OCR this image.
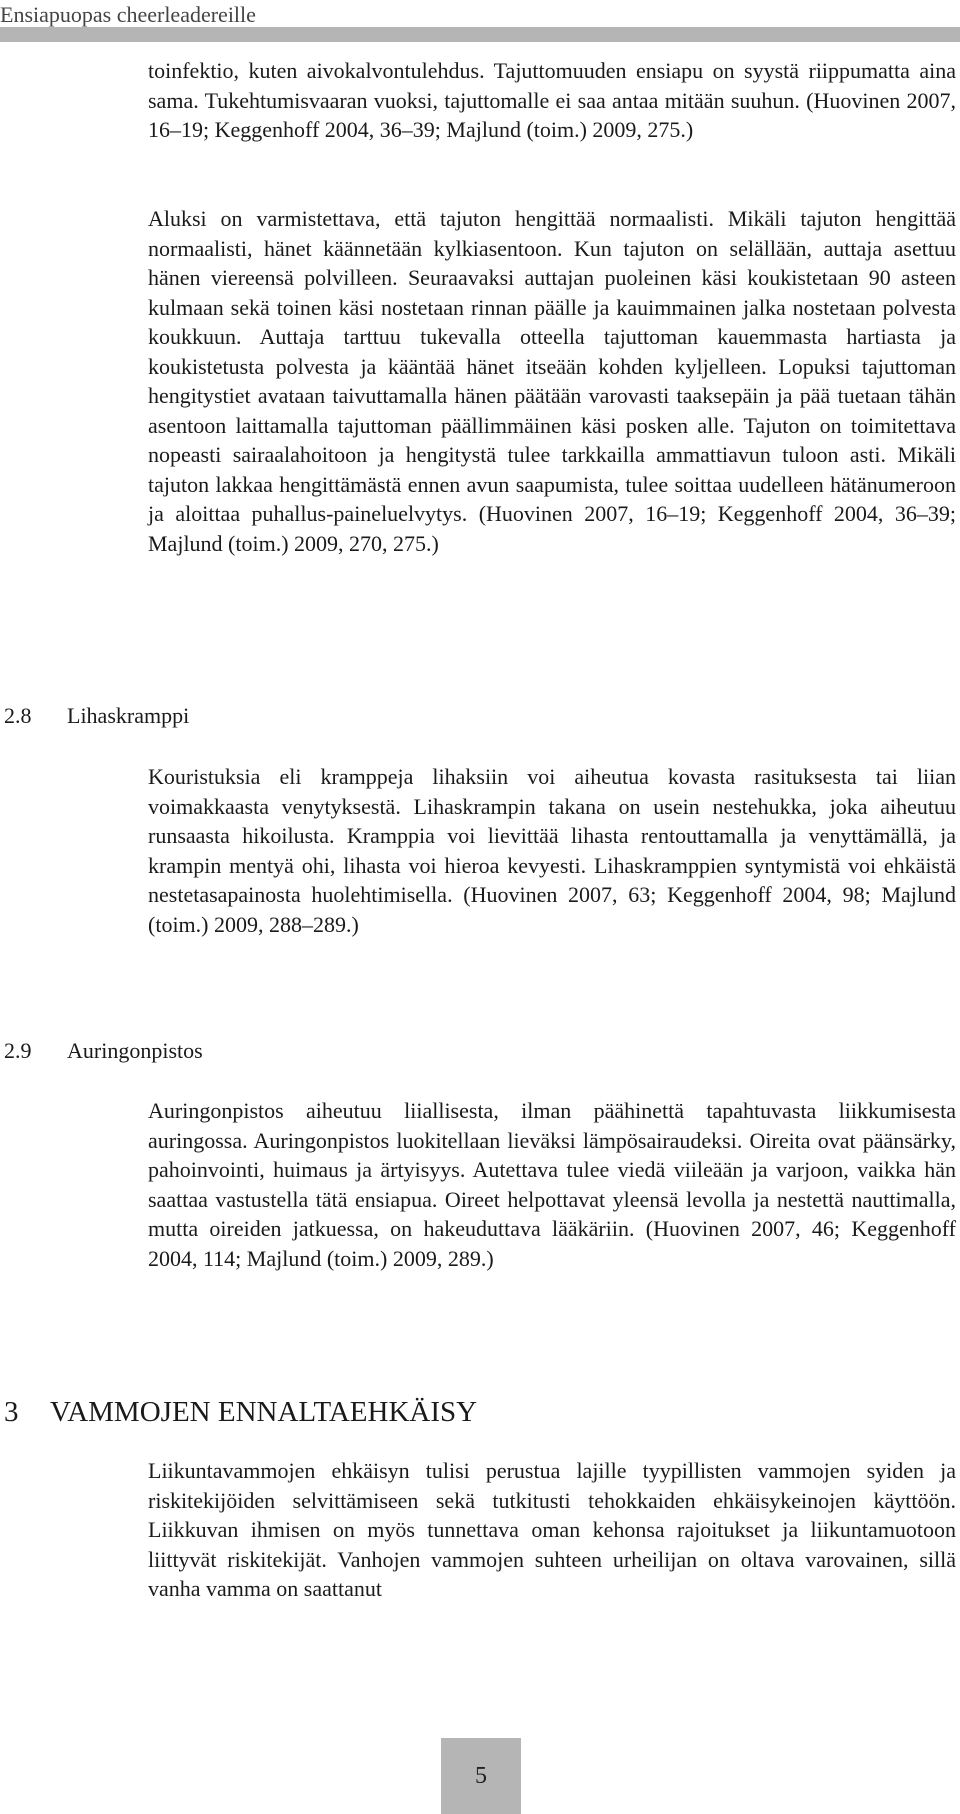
Ensiapuopas cheerleadereille

toinfektio, kuten aivokalvontulehdus. Tajuttomuuden ensiapu on syystä riippumatta aina sama. Tukehtumisvaaran vuoksi, tajuttomalle ei saa antaa mitään suuhun. (Huovinen 2007, 16–19; Keggenhoff 2004, 36–39; Majlund (toim.) 2009, 275.)

Aluksi on varmistettava, että tajuton hengittää normaalisti. Mikäli tajuton hengittää normaalisti, hänet käännetään kylkiasentoon. Kun tajuton on selällään, auttaja asettuu hänen viereensä polvilleen. Seuraavaksi auttajan puoleinen käsi koukistetaan 90 asteen kulmaan sekä toinen käsi nostetaan rinnan päälle ja kauimmainen jalka nostetaan polvesta koukkuun. Auttaja tarttuu tukevalla otteella tajuttoman kauemmasta hartiasta ja koukistetusta polvesta ja kääntää hänet itseään kohden kyljelleen. Lopuksi tajuttoman hengitystiet avataan taivuttamalla hänen päätään varovasti taaksepäin ja pää tuetaan tähän asentoon laittamalla tajuttoman päällimmäinen käsi posken alle. Tajuton on toimitettava nopeasti sairaalahoitoon ja hengitystä tulee tarkkailla ammattiavun tuloon asti. Mikäli tajuton lakkaa hengittämästä ennen avun saapumista, tulee soittaa uudelleen hätänumeroon ja aloittaa puhallus-paineluelvytys. (Huovinen 2007, 16–19; Keggenhoff 2004, 36–39; Majlund (toim.) 2009, 270, 275.)

2.8 Lihaskramppi

Kouristuksia eli kramppeja lihaksiin voi aiheutua kovasta rasituksesta tai liian voimakkaasta venytyksestä. Lihaskrampin takana on usein nestehukka, joka aiheutuu runsaasta hikoilusta. Kramppia voi lievittää lihasta rentouttamalla ja venyttämällä, ja krampin mentyä ohi, lihasta voi hieroa kevyesti. Lihaskramppien syntymistä voi ehkäistä nestetasapainosta huolehtimisella. (Huovinen 2007, 63; Keggenhoff 2004, 98; Majlund (toim.) 2009, 288–289.)

2.9 Auringonpistos

Auringonpistos aiheutuu liiallisesta, ilman päähinettä tapahtuvasta liikkumisesta auringossa. Auringonpistos luokitellaan lieväksi lämpösairaudeksi. Oireita ovat päänsärky, pahoinvointi, huimaus ja ärtyisyys. Autettava tulee viedä viileään ja varjoon, vaikka hän saattaa vastustella tätä ensiapua. Oireet helpottavat yleensä levolla ja nestettä nauttimalla, mutta oireiden jatkuessa, on hakeuduttava lääkäriin. (Huovinen 2007, 46; Keggenhoff 2004, 114; Majlund (toim.) 2009, 289.)

3 VAMMOJEN ENNALTAEHKÄISY

Liikuntavammojen ehkäisyn tulisi perustua lajille tyypillisten vammojen syiden ja riskitekijöiden selvittämiseen sekä tutkitusti tehokkaiden ehkäisykeinojen käyttöön. Liikkuvan ihmisen on myös tunnettava oman kehonsa rajoitukset ja liikuntamuotoon liittyvät riskitekijät. Vanhojen vammojen suhteen urheilijan on oltava varovainen, sillä vanha vamma on saattanut

5
